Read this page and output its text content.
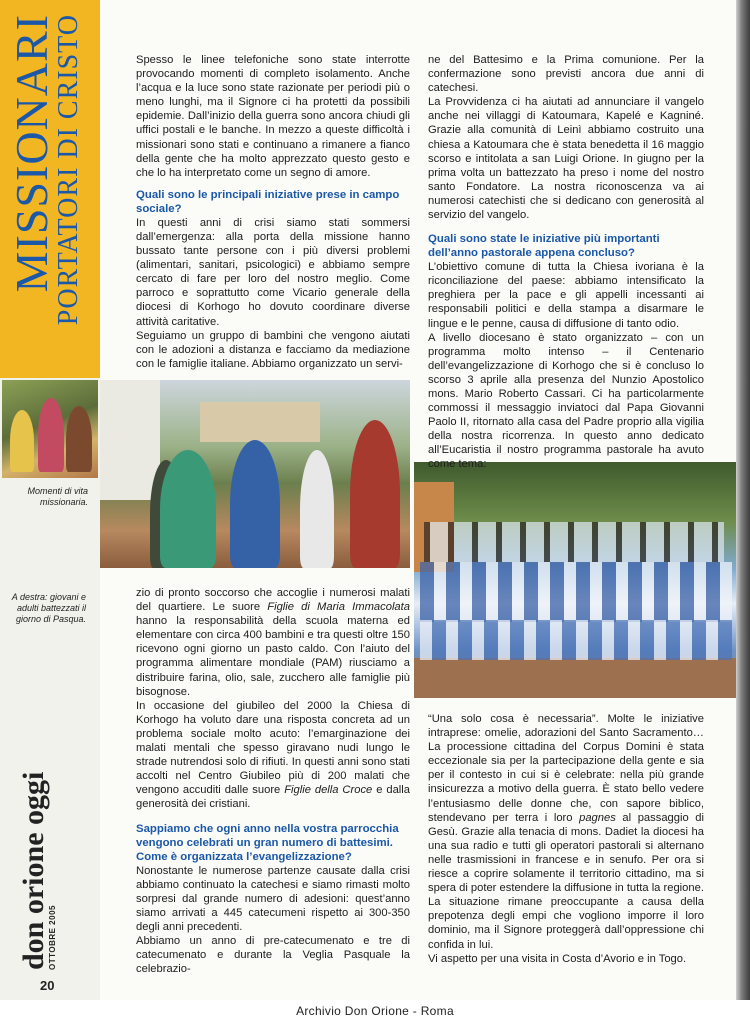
Archivio Don Orione - Roma
MISSIONARI
PORTATORI DI CRISTO
Momenti di vita missionaria.
A destra: giovani e adulti battezzati il giorno di Pasqua.
don orione oggi
OTTOBRE 2005
20

Spesso le linee telefoniche sono state interrotte provocando momenti di completo isolamento. Anche l’acqua e la luce sono state razionate per periodi più o meno lunghi, ma il Signore ci ha protetti da possibili epidemie. Dall’inizio della guerra sono ancora chiudi gli uffici postali e le banche. In mezzo a queste difficoltà i missionari sono stati e continuano a rimanere a fianco della gente che ha molto apprezzato questo gesto e che lo ha interpretato come un segno di amore.

Quali sono le principali iniziative prese in campo sociale?

In questi anni di crisi siamo stati sommersi dall’emergenza: alla porta della missione hanno bussato tante persone con i più diversi problemi (alimentari, sanitari, psicologici) e abbiamo sempre cercato di fare per loro del nostro meglio. Come parroco e soprattutto come Vicario generale della diocesi di Korhogo ho dovuto coordinare diverse attività caritative.

Seguiamo un gruppo di bambini che vengono aiutati con le adozioni a distanza e facciamo da mediazione con le famiglie italiane. Abbiamo organizzato un servi-

ne del Battesimo e la Prima comunione. Per la confermazione sono previsti ancora due anni di catechesi.

La Provvidenza ci ha aiutati ad annunciare il vangelo anche nei villaggi di Katoumara, Kapelé e Kagniné. Grazie alla comunità di Leinì abbiamo costruito una chiesa a Katoumara che è stata benedetta il 16 maggio scorso e intitolata a san Luigi Orione. In giugno per la prima volta un battezzato ha preso i nome del nostro santo Fondatore. La nostra riconoscenza va ai numerosi catechisti che si dedicano con generosità al servizio del vangelo.

Quali sono state le iniziative più importanti dell’anno pastorale appena concluso?

L’obiettivo comune di tutta la Chiesa ivoriana è la riconciliazione del paese: abbiamo intensificato la preghiera per la pace e gli appelli incessanti ai responsabili politici e della stampa a disarmare le lingue e le penne, causa di diffusione di tanto odio.

A livello diocesano è stato organizzato – con un programma molto intenso – il Centenario dell’evangelizzazione di Korhogo che si è concluso lo scorso 3 aprile alla presenza del Nunzio Apostolico mons. Mario Roberto Cassari. Ci ha particolarmente commossi il messaggio inviatoci dal Papa Giovanni Paolo II, ritornato alla casa del Padre proprio alla vigilia della nostra ricorrenza. In questo anno dedicato all’Eucaristia il nostro programma pastorale ha avuto come tema:

zio di pronto soccorso che accoglie i numerosi malati del quartiere. Le suore Figlie di Maria Immacolata hanno la responsabilità della scuola materna ed elementare con circa 400 bambini e tra questi oltre 150 ricevono ogni giorno un pasto caldo. Con l’aiuto del programma alimentare mondiale (PAM) riusciamo a distribuire farina, olio, sale, zucchero alle famiglie più bisognose.

In occasione del giubileo del 2000 la Chiesa di Korhogo ha voluto dare una risposta concreta ad un problema sociale molto acuto: l’emarginazione dei malati mentali che spesso giravano nudi lungo le strade nutrendosi solo di rifiuti. In questi anni sono stati accolti nel Centro Giubileo più di 200 malati che vengono accuditi dalle suore Figlie della Croce e dalla generosità dei cristiani.

Sappiamo che ogni anno nella vostra parrocchia vengono celebrati un gran numero di battesimi. Come è organizzata l’evangelizzazione?

Nonostante le numerose partenze causate dalla crisi abbiamo continuato la catechesi e siamo rimasti molto sorpresi dal grande numero di adesioni: quest’anno siamo arrivati a 445 catecumeni rispetto ai 300-350 degli anni precedenti.

Abbiamo un anno di pre-catecumenato e tre di catecumenato e durante la Veglia Pasquale la celebrazio-

“Una solo cosa è necessaria”. Molte le iniziative intraprese: omelie, adorazioni del Santo Sacramento… La processione cittadina del Corpus Domini è stata eccezionale sia per la partecipazione della gente e sia per il contesto in cui si è celebrate: nella più grande insicurezza a motivo della guerra. È stato bello vedere l’entusiasmo delle donne che, con sapore biblico, stendevano per terra i loro pagnes al passaggio di Gesù. Grazie alla tenacia di mons. Dadiet la diocesi ha una sua radio e tutti gli operatori pastorali si alternano nelle trasmissioni in francese e in senufo. Per ora si riesce a coprire solamente il territorio cittadino, ma si spera di poter estendere la diffusione in tutta la regione.

La situazione rimane preoccupante a causa della prepotenza degli empi che vogliono imporre il loro dominio, ma il Signore proteggerà dall’oppressione chi confida in lui.

Vi aspetto per una visita in Costa d’Avorio e in Togo.
